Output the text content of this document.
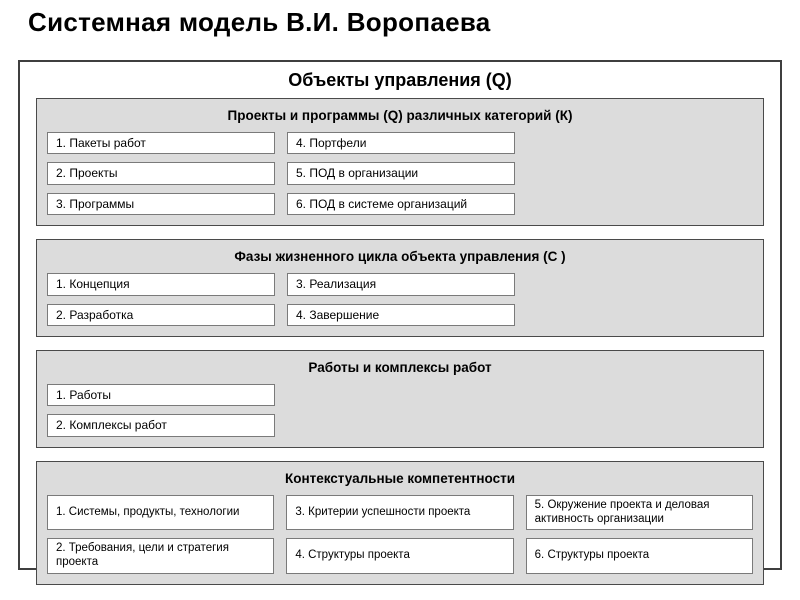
Системная модель В.И. Воропаева
Объекты управления (Q)
Проекты и программы (Q) различных категорий (К)
1. Пакеты работ
2. Проекты
3. Программы
4. Портфели
5. ПОД в организации
6. ПОД в системе организаций
Фазы жизненного цикла объекта управления (С )
1. Концепция
2. Разработка
3. Реализация
4. Завершение
Работы и комплексы работ
1. Работы
2. Комплексы работ
Контекстуальные компетентности
1. Системы, продукты, технологии
2. Требования, цели и стратегия проекта
3. Критерии успешности проекта
4. Структуры проекта
5. Окружение проекта и деловая активность организации
6. Структуры проекта
